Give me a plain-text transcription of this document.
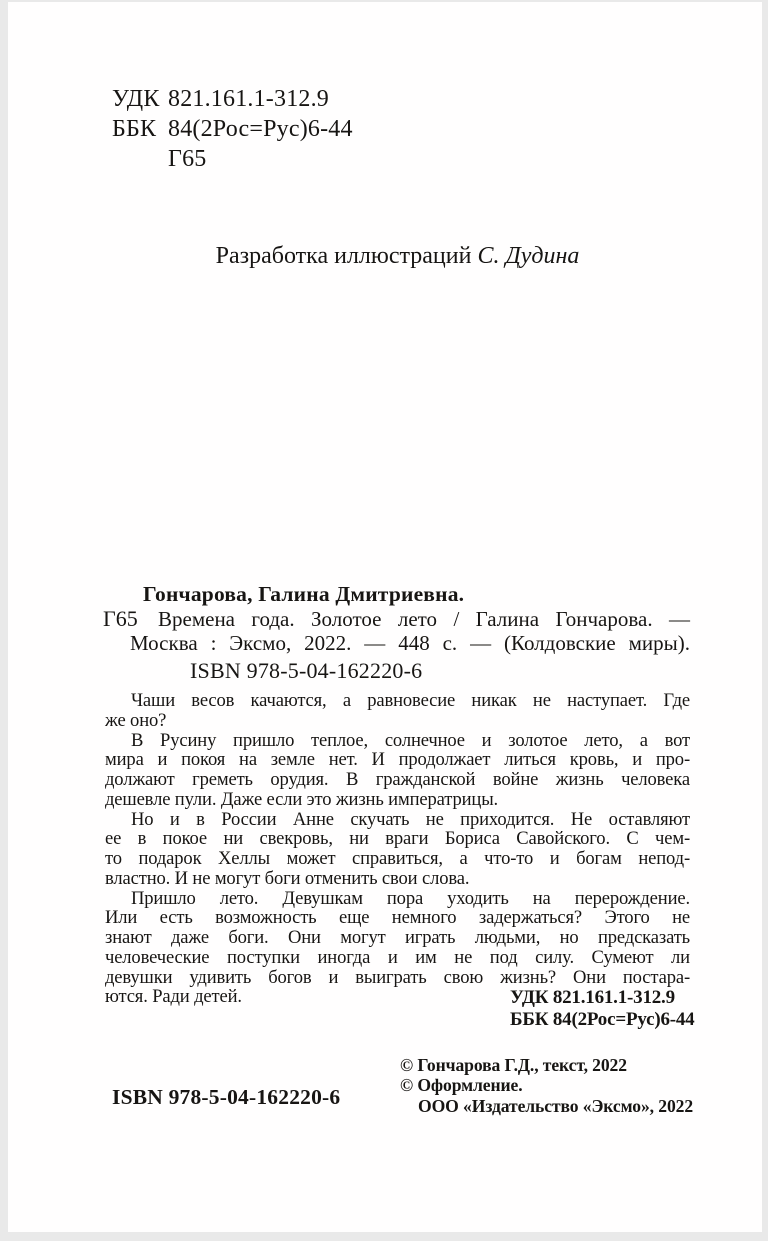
УДК 821.161.1-312.9
ББК 84(2Рос=Рус)6-44
Г65
Разработка иллюстраций С. Дудина
Г65
Гончарова, Галина Дмитриевна.
Времена года. Золотое лето / Галина Гончарова. —
Москва : Эксмо, 2022. — 448 с. — (Колдовские миры).
ISBN 978-5-04-162220-6
Чаши весов качаются, а равновесие никак не наступает. Где
же оно?
В Русину пришло теплое, солнечное и золотое лето, а вот
мира и покоя на земле нет. И продолжает литься кровь, и про-
должают греметь орудия. В гражданской войне жизнь человека
дешевле пули. Даже если это жизнь императрицы.
Но и в России Анне скучать не приходится. Не оставляют
ее в покое ни свекровь, ни враги Бориса Савойского. С чем-
то подарок Хеллы может справиться, а что-то и богам непод-
властно. И не могут боги отменить свои слова.
Пришло лето. Девушкам пора уходить на перерождение.
Или есть возможность еще немного задержаться? Этого не
знают даже боги. Они могут играть людьми, но предсказать
человеческие поступки иногда и им не под силу. Сумеют ли
девушки удивить богов и выиграть свою жизнь? Они постара-
ются. Ради детей.	УДК 821.161.1-312.9
ББК 84(2Рос=Рус)6-44
© Гончарова Г.Д., текст, 2022
© Оформление.
ООО «Издательство «Эксмо», 2022
ISBN 978-5-04-162220-6
